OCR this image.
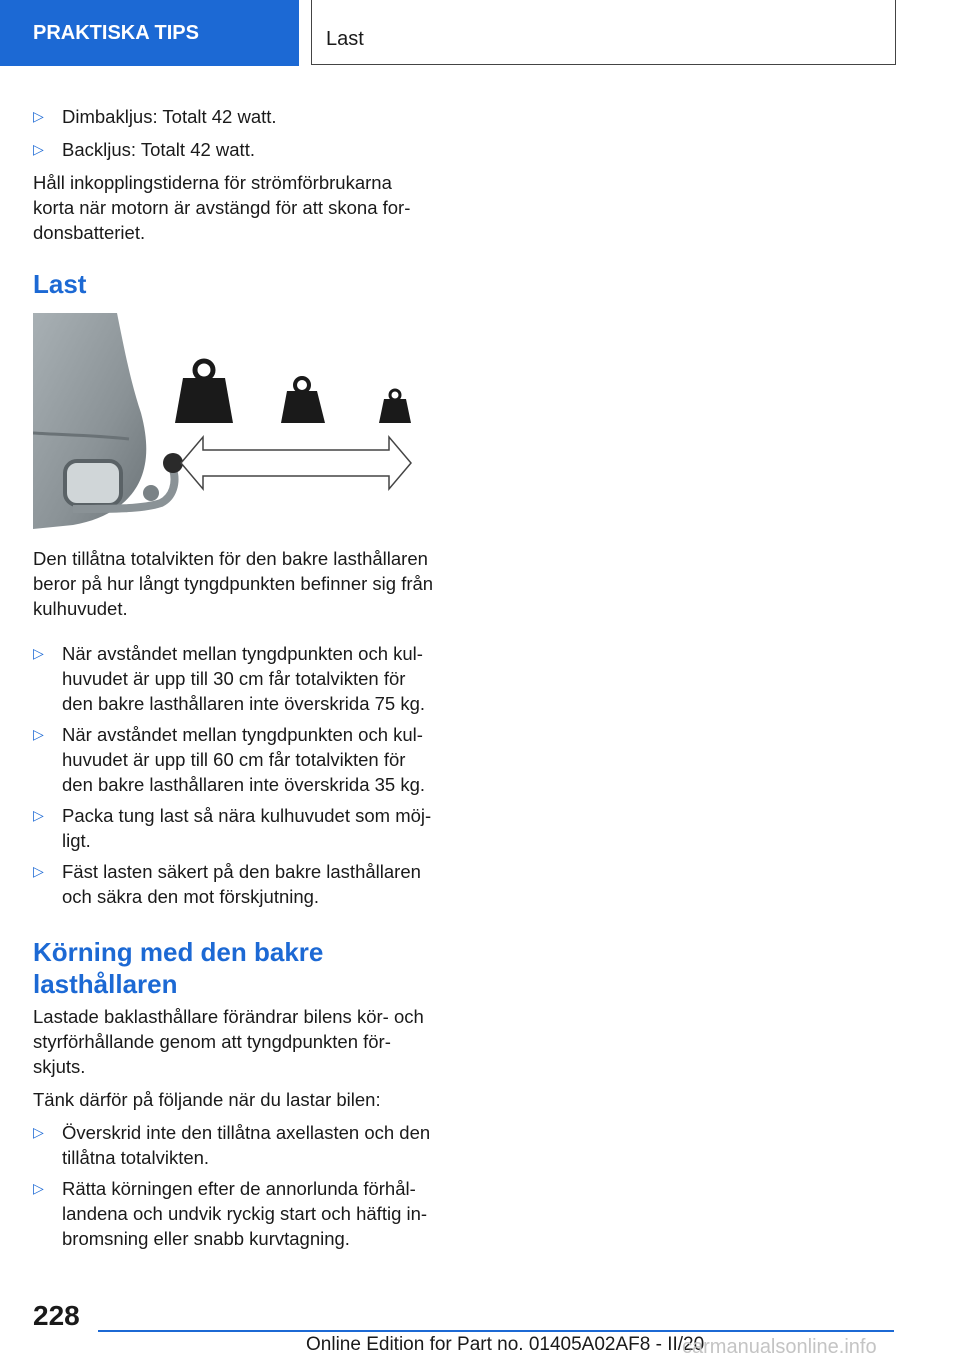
PRAKTISKA TIPS	Last

▷ Dimbakljus: Totalt 42 watt.

▷ Backljus: Totalt 42 watt.

Håll inkopplingstiderna för strömförbrukarna
korta när motorn är avstängd för att skona for-
donsbatteriet.

Last

Den tillåtna totalvikten för den bakre lasthållaren
beror på hur långt tyngdpunkten befinner sig från
kulhuvudet.

▷ När avståndet mellan tyngdpunkten och kul-
huvudet är upp till 30 cm får totalvikten för
den bakre lasthållaren inte överskrida 75 kg.

▷ När avståndet mellan tyngdpunkten och kul-
huvudet är upp till 60 cm får totalvikten för
den bakre lasthållaren inte överskrida 35 kg.

▷ Packa tung last så nära kulhuvudet som möj-
ligt.

▷ Fäst lasten säkert på den bakre lasthållaren
och säkra den mot förskjutning.

Körning med den bakre
lasthållaren

Lastade baklasthållare förändrar bilens kör- och
styrförhållande genom att tyngdpunkten för-
skjuts.

Tänk därför på följande när du lastar bilen:

▷ Överskrid inte den tillåtna axellasten och den
tillåtna totalvikten.

▷ Rätta körningen efter de annorlunda förhål-
landena och undvik ryckig start och häftig in-
bromsning eller snabb kurvtagning.

228
Online Edition for Part no. 01405A02AF8 - II/20
carmanualsonline.info
